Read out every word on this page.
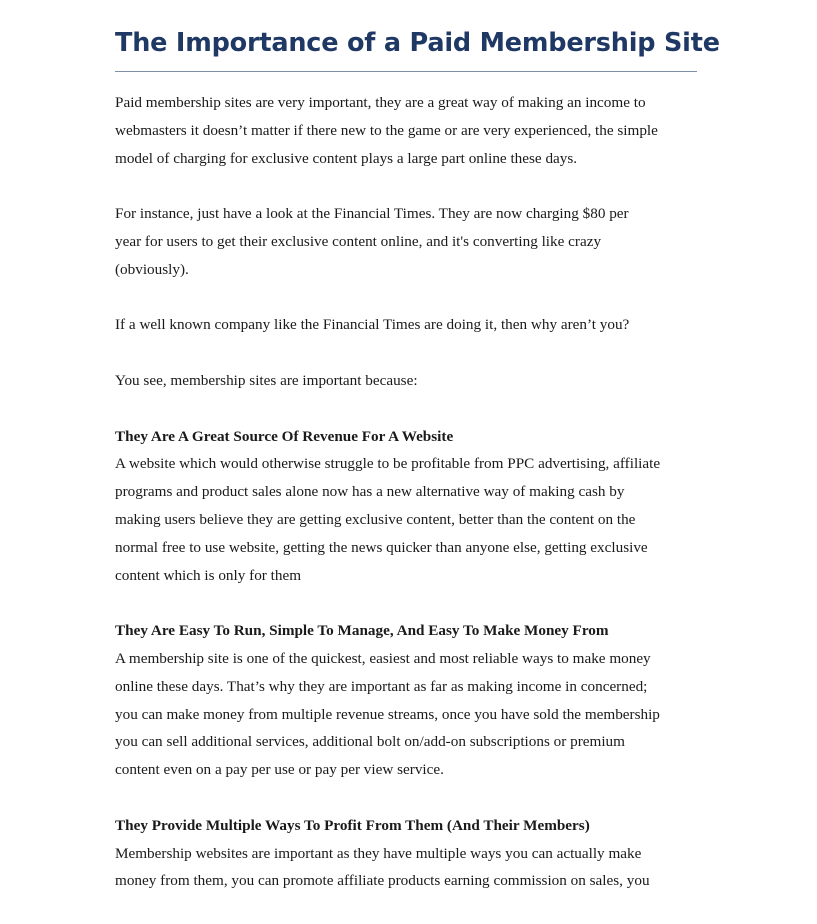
The Importance of a Paid Membership Site

Paid membership sites are very important, they are a great way of making an income to
webmasters it doesn’t matter if there new to the game or are very experienced, the simple
model of charging for exclusive content plays a large part online these days.

For instance, just have a look at the Financial Times. They are now charging $80 per
year for users to get their exclusive content online, and it's converting like crazy
(obviously).

If a well known company like the Financial Times are doing it, then why aren’t you?

You see, membership sites are important because:

They Are A Great Source Of Revenue For A Website
A website which would otherwise struggle to be profitable from PPC advertising, affiliate
programs and product sales alone now has a new alternative way of making cash by
making users believe they are getting exclusive content, better than the content on the
normal free to use website, getting the news quicker than anyone else, getting exclusive
content which is only for them

They Are Easy To Run, Simple To Manage, And Easy To Make Money From
A membership site is one of the quickest, easiest and most reliable ways to make money
online these days. That’s why they are important as far as making income in concerned;
you can make money from multiple revenue streams, once you have sold the membership
you can sell additional services, additional bolt on/add-on subscriptions or premium
content even on a pay per use or pay per view service.

They Provide Multiple Ways To Profit From Them (And Their Members)
Membership websites are important as they have multiple ways you can actually make
money from them, you can promote affiliate products earning commission on sales, you
